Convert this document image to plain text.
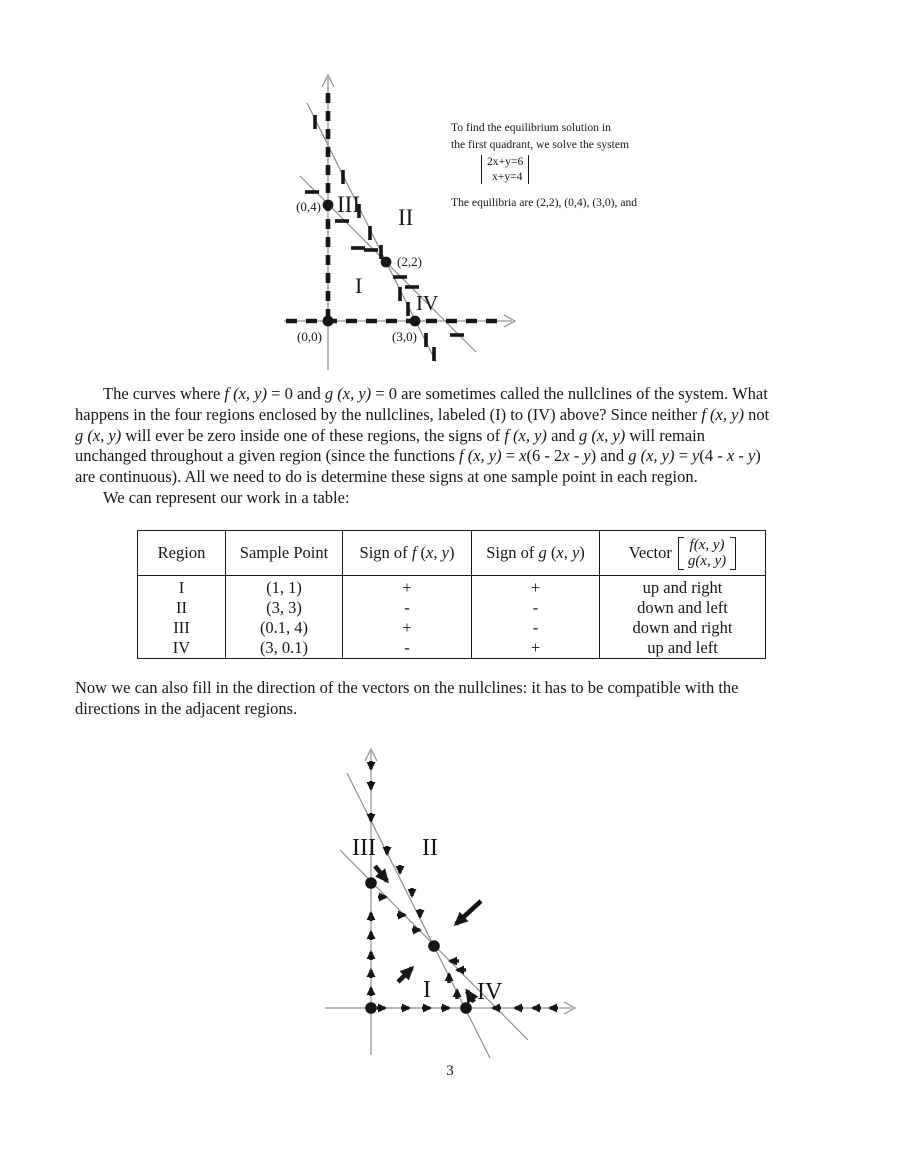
(0,4) III
II
(2,2)
I
IV
(0,0)	(3,0)
To find the equilibrium solution in
the first quadrant, we solve the system
2x+y=6
x+y=4
The equilibria are (2,2), (0,4), (3,0), and
The curves where f (x, y) = 0 and g (x, y) = 0 are sometimes called the nullclines of the system. What
happens in the four regions enclosed by the nullclines, labeled (I) to (IV) above? Since neither f (x, y) not
g (x, y) will ever be zero inside one of these regions, the signs of f (x, y) and g (x, y) will remain
unchanged throughout a given region (since the functions f (x, y) = x(6 - 2x - y) and g (x, y) = y(4 - x - y)
are continuous). All we need to do is determine these signs at one sample point in each region.
We can represent our work in a table:
Region	Sample Point	Sign of f (x, y)	Sign of g (x, y)	Vector f(x, y)
g(x, y)

I	(1, 1)	+	+	up and right
II	(3, 3)	-	-	down and left
III	(0.1, 4)	+	-	down and right
IV	(3, 0.1)	-	+	up and left
Now we can also fill in the direction of the vectors on the nullclines: it has to be compatible with the
directions in the adjacent regions.
III II
I IV
3
